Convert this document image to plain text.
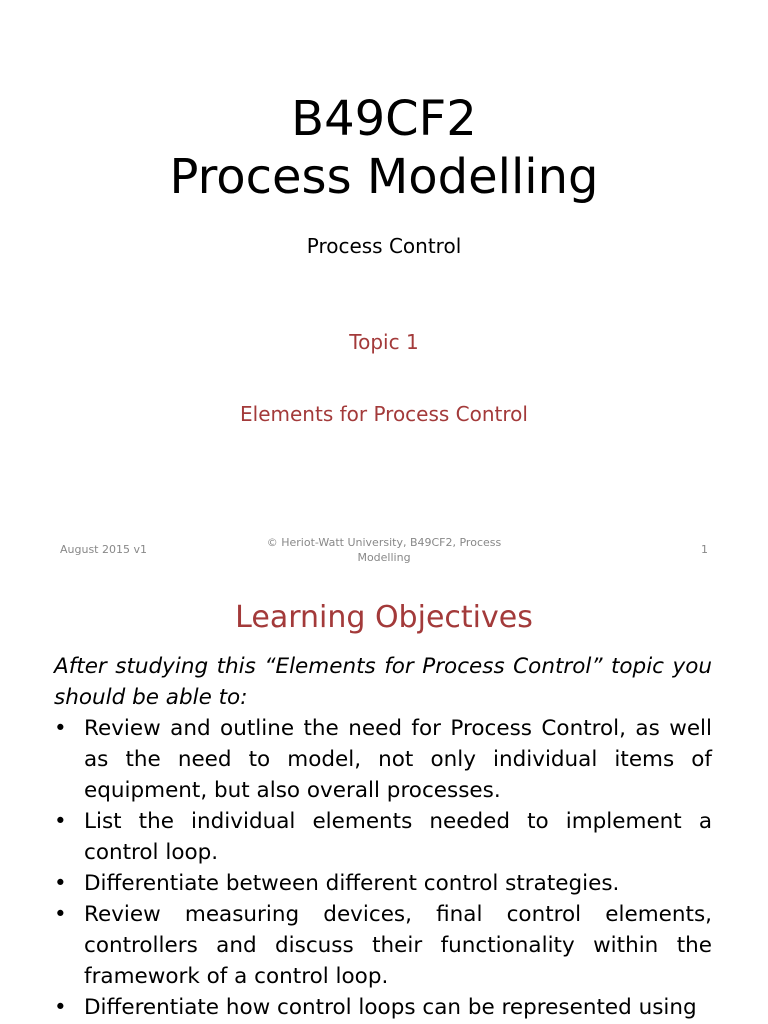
B49CF2
Process Modelling
Process Control
Topic 1
Elements for Process Control
August 2015 v1
© Heriot-Watt University, B49CF2, Process
Modelling
1
Learning Objectives

After studying this “Elements for Process Control” topic you should be able to:

• Review and outline the need for Process Control, as well as the need to model, not only individual items of equipment, but also overall processes.
• List the individual elements needed to implement a control loop.
• Differentiate between different control strategies.
• Review measuring devices, final control elements, controllers and discuss their functionality within the framework of a control loop.
• Differentiate how control loops can be represented using
